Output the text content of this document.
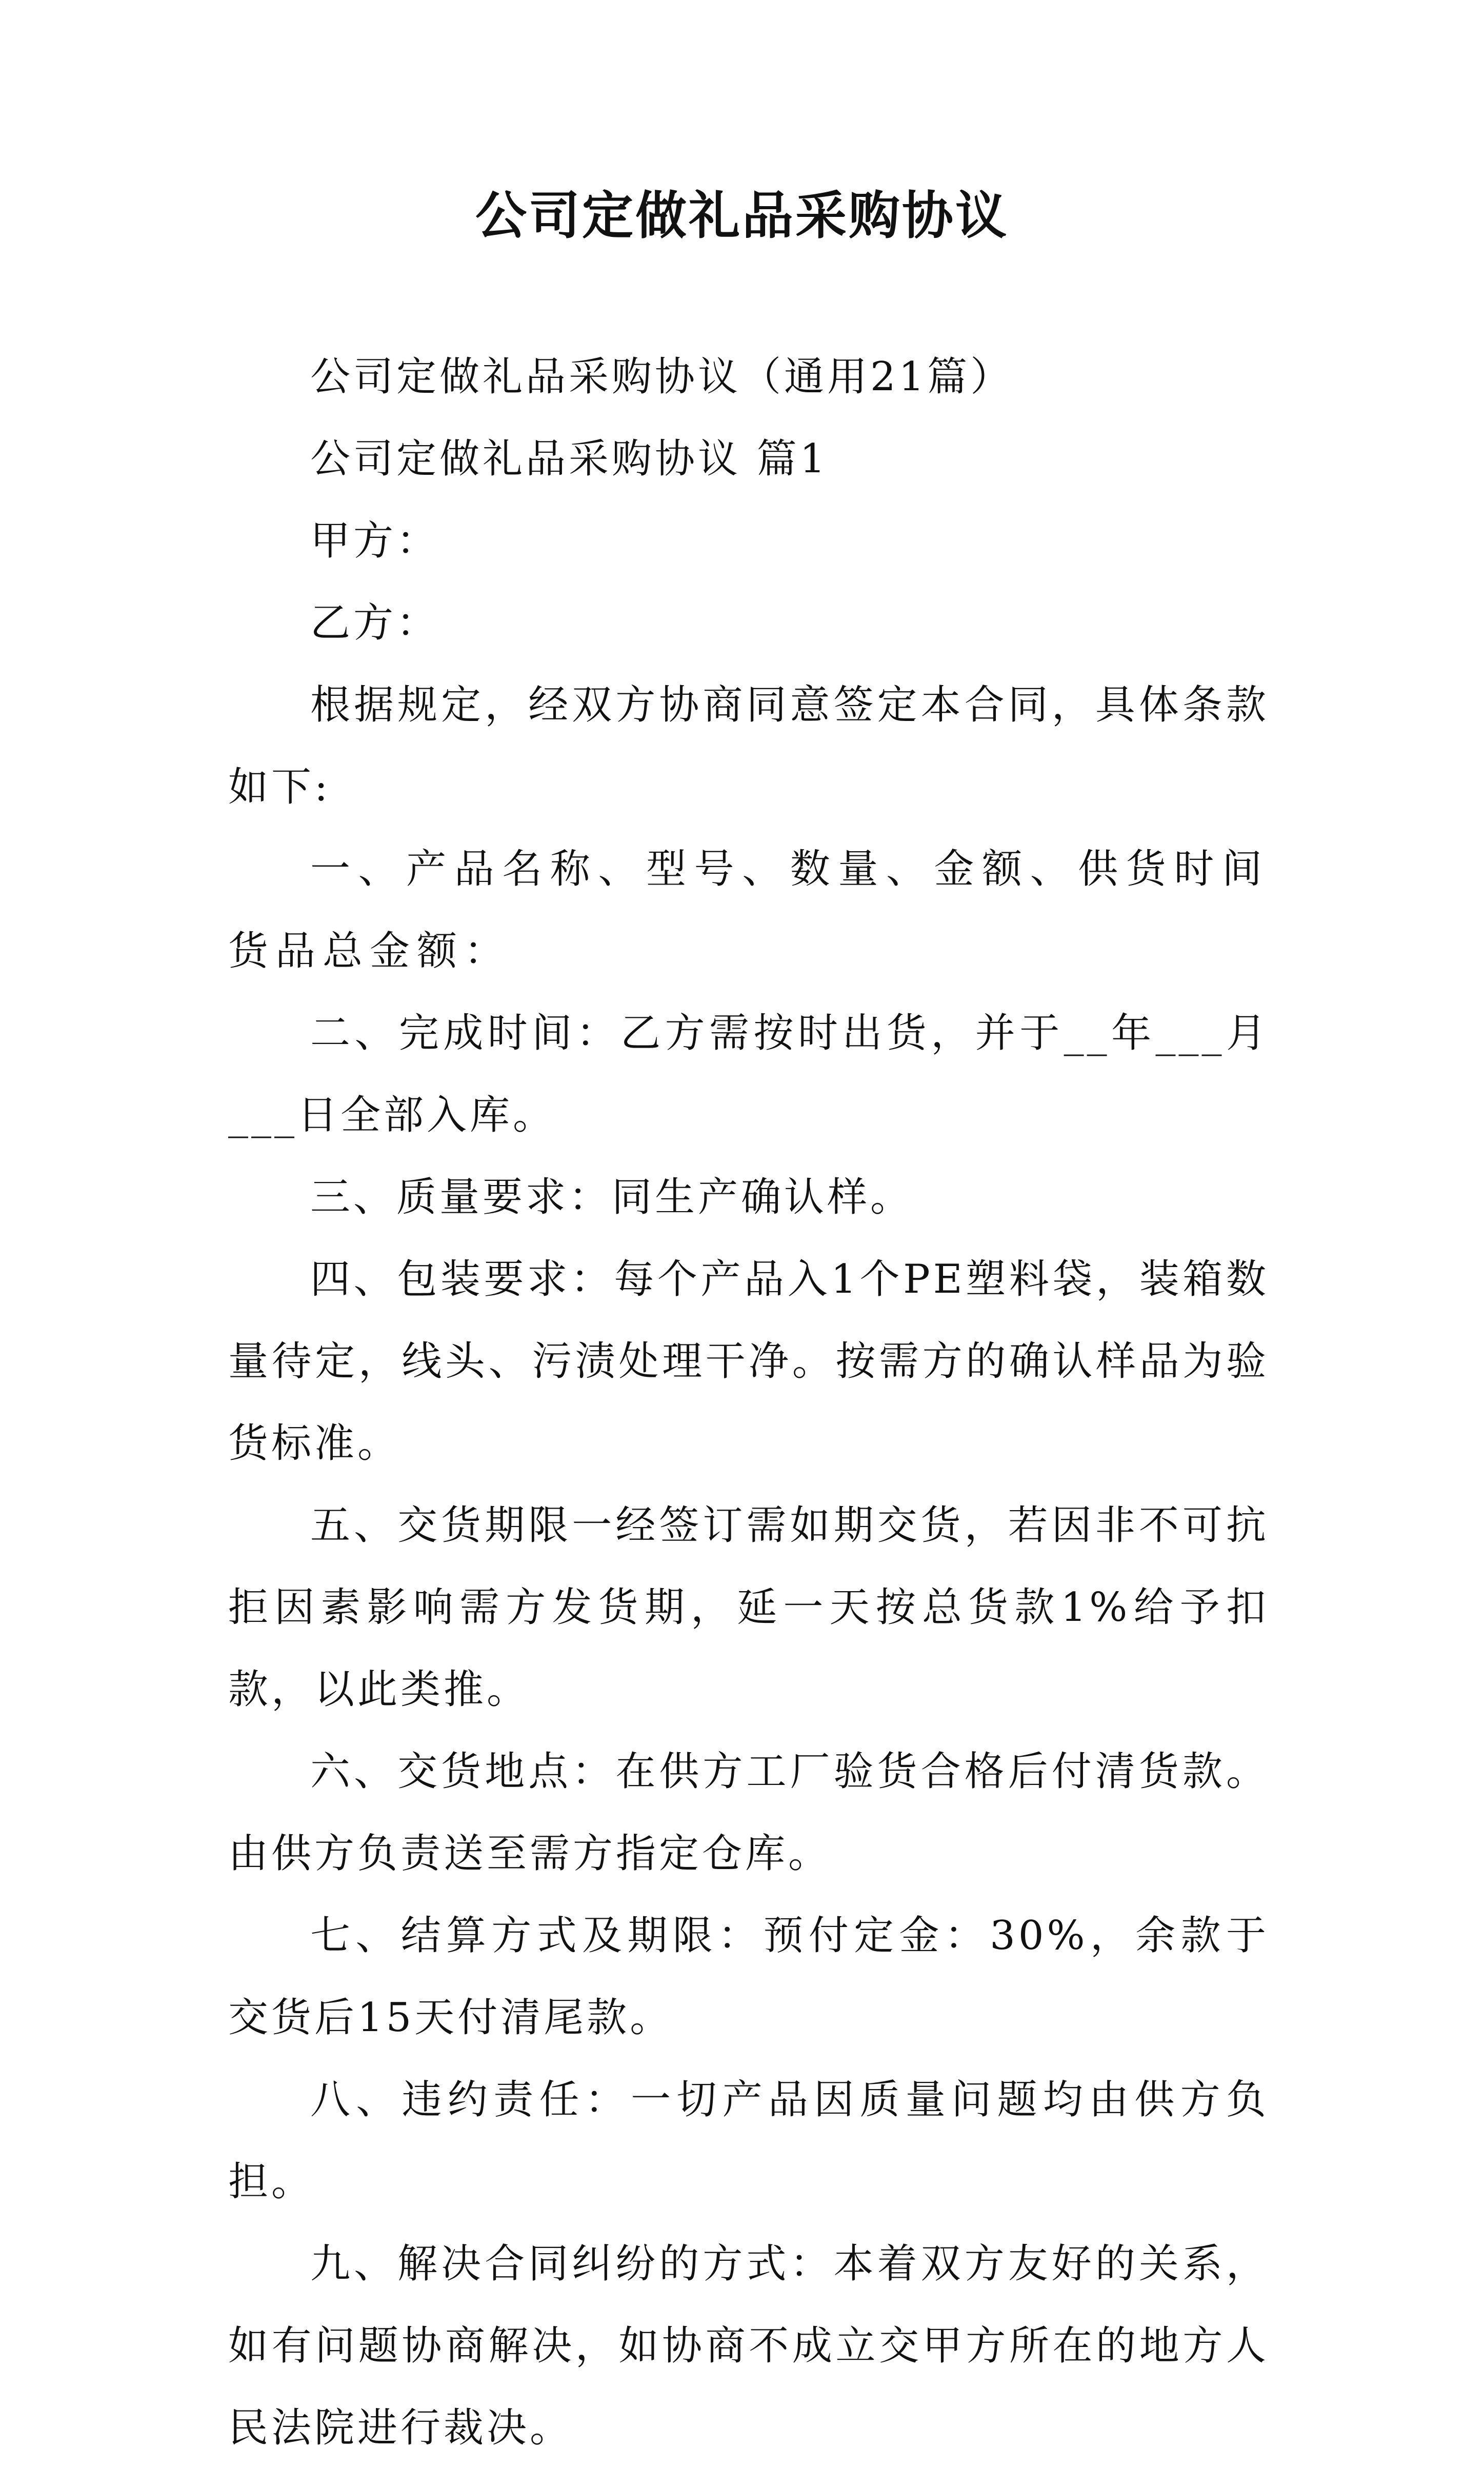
公司定做礼品采购协议

公司定做礼品采购协议（通用21篇）

公司定做礼品采购协议 篇1

甲方：

乙方：

根据规定，经双方协商同意签定本合同，具体条款如下:

一、产品名称、型号、数量、金额、供货时间 货品总金额：

二、完成时间：乙方需按时出货，并于__年___月___日全部入库。

三、质量要求：同生产确认样。

四、包装要求：每个产品入1个PE塑料袋，装箱数量待定，线头、污渍处理干净。按需方的确认样品为验货标准。

五、交货期限一经签订需如期交货，若因非不可抗拒因素影响需方发货期，延一天按总货款1%给予扣款，以此类推。

六、交货地点：在供方工厂验货合格后付清货款。由供方负责送至需方指定仓库。

七、结算方式及期限：预付定金：30%，余款于交货后15天付清尾款。

八、违约责任：一切产品因质量问题均由供方负担。

九、解决合同纠纷的方式：本着双方友好的关系，如有问题协商解决，如协商不成立交甲方所在的地方人民法院进行裁决。
